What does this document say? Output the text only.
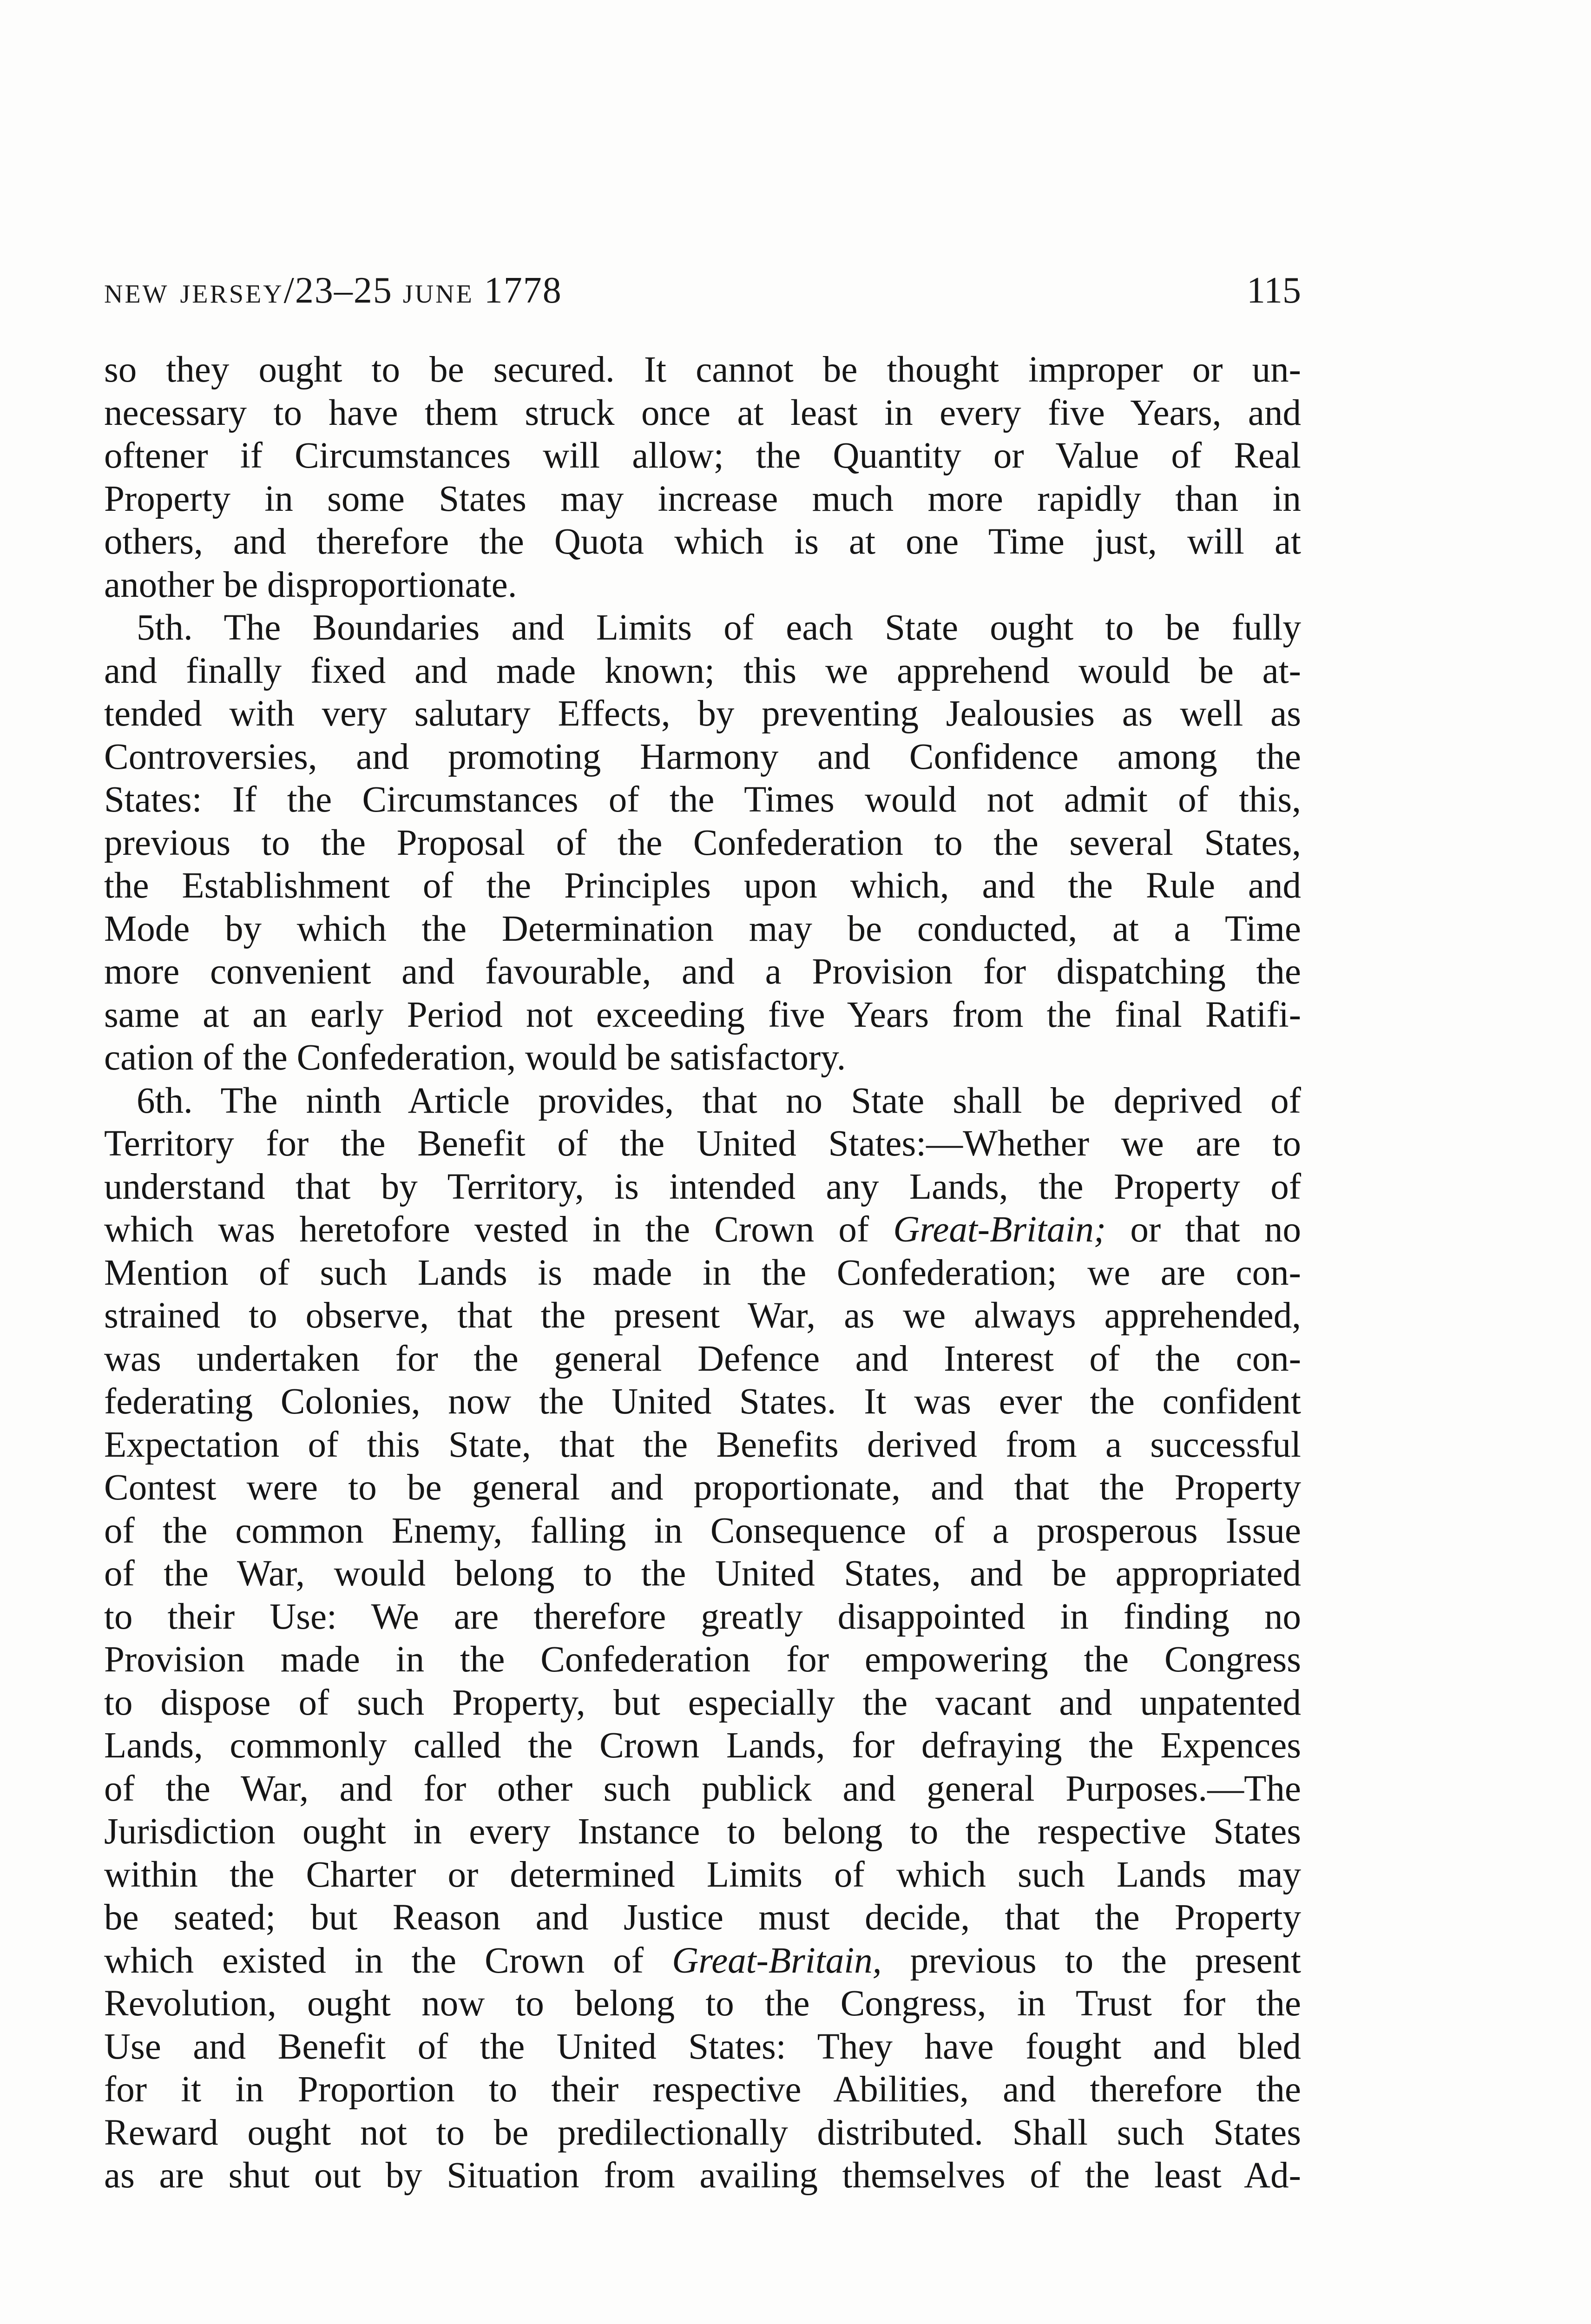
new jersey/23–25 june 1778	115
so they ought to be secured. It cannot be thought improper or un-
necessary to have them struck once at least in every five Years, and
oftener if Circumstances will allow; the Quantity or Value of Real
Property in some States may increase much more rapidly than in
others, and therefore the Quota which is at one Time just, will at
another be disproportionate.
5th. The Boundaries and Limits of each State ought to be fully
and finally fixed and made known; this we apprehend would be at-
tended with very salutary Effects, by preventing Jealousies as well as
Controversies, and promoting Harmony and Confidence among the
States: If the Circumstances of the Times would not admit of this,
previous to the Proposal of the Confederation to the several States,
the Establishment of the Principles upon which, and the Rule and
Mode by which the Determination may be conducted, at a Time
more convenient and favourable, and a Provision for dispatching the
same at an early Period not exceeding five Years from the final Ratifi-
cation of the Confederation, would be satisfactory.
6th. The ninth Article provides, that no State shall be deprived of
Territory for the Benefit of the United States:—Whether we are to
understand that by Territory, is intended any Lands, the Property of
which was heretofore vested in the Crown of Great-Britain; or that no
Mention of such Lands is made in the Confederation; we are con-
strained to observe, that the present War, as we always apprehended,
was undertaken for the general Defence and Interest of the con-
federating Colonies, now the United States. It was ever the confident
Expectation of this State, that the Benefits derived from a successful
Contest were to be general and proportionate, and that the Property
of the common Enemy, falling in Consequence of a prosperous Issue
of the War, would belong to the United States, and be appropriated
to their Use: We are therefore greatly disappointed in finding no
Provision made in the Confederation for empowering the Congress
to dispose of such Property, but especially the vacant and unpatented
Lands, commonly called the Crown Lands, for defraying the Expences
of the War, and for other such publick and general Purposes.—The
Jurisdiction ought in every Instance to belong to the respective States
within the Charter or determined Limits of which such Lands may
be seated; but Reason and Justice must decide, that the Property
which existed in the Crown of Great-Britain, previous to the present
Revolution, ought now to belong to the Congress, in Trust for the
Use and Benefit of the United States: They have fought and bled
for it in Proportion to their respective Abilities, and therefore the
Reward ought not to be predilectionally distributed. Shall such States
as are shut out by Situation from availing themselves of the least Ad-
